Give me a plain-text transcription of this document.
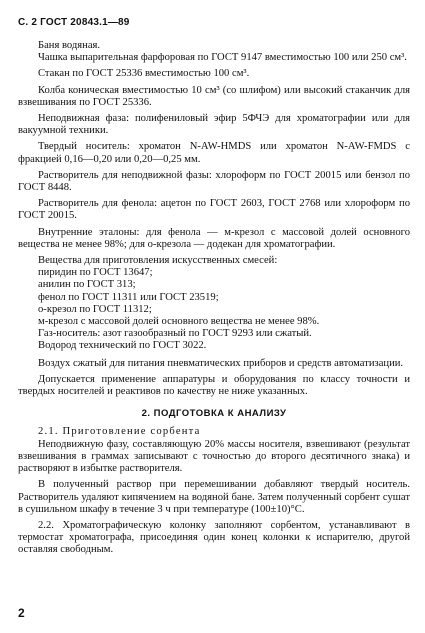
С. 2 ГОСТ 20843.1—89

Баня водяная.

Чашка выпарительная фарфоровая по ГОСТ 9147 вместимостью 100 или 250 см³.

Стакан по ГОСТ 25336 вместимостью 100 см³.

Колба коническая вместимостью 10 см³ (со шлифом) или высокий стаканчик для взвешивания по ГОСТ 25336.

Неподвижная фаза: полифениловый эфир 5ФЧЭ для хроматографии или для вакуумной техники.

Твердый носитель: хроматон N-AW-HMDS или хроматон N-AW-FMDS с фракцией 0,16—0,20 или 0,20—0,25 мм.

Растворитель для неподвижной фазы: хлороформ по ГОСТ 20015 или бензол по ГОСТ 8448.

Растворитель для фенола: ацетон по ГОСТ 2603, ГОСТ 2768 или хлороформ по ГОСТ 20015.

Внутренние эталоны: для фенола — м-крезол с массовой долей основного вещества не менее 98%; для о-крезола — додекан для хроматографии.

Вещества для приготовления искусственных смесей:

пиридин по ГОСТ 13647;

анилин по ГОСТ 313;

фенол по ГОСТ 11311 или ГОСТ 23519;

о-крезол по ГОСТ 11312;

м-крезол с массовой долей основного вещества не менее 98%.

Газ-носитель: азот газообразный по ГОСТ 9293 или сжатый.

Водород технический по ГОСТ 3022.

Воздух сжатый для питания пневматических приборов и средств автоматизации.

Допускается применение аппаратуры и оборудования по классу точности и твердых носителей и реактивов по качеству не ниже указанных.

2. ПОДГОТОВКА К АНАЛИЗУ

2.1. Приготовление сорбента

Неподвижную фазу, составляющую 20% массы носителя, взвешивают (результат взвешивания в граммах записывают с точностью до второго десятичного знака) и растворяют в избытке растворителя.

В полученный раствор при перемешивании добавляют твердый носитель. Растворитель удаляют кипячением на водяной бане. Затем полученный сорбент сушат в сушильном шкафу в течение 3 ч при температуре (100±10)°С.

2.2. Хроматографическую колонку заполняют сорбентом, устанавливают в термостат хроматографа, присоединяя один конец колонки к испарителю, другой оставляя свободным.

2
